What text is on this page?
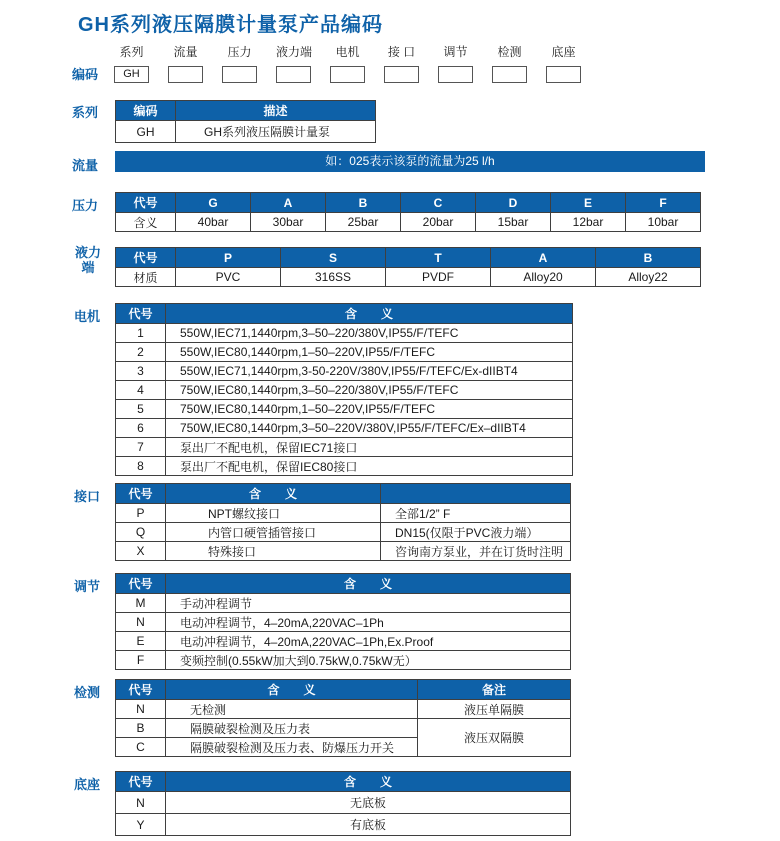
GH系列液压隔膜计量泵产品编码
编码
系列
GH
流量	压力	液力端	电机	接 口	调节	检测	底座
系列	编码	描述
GH	GH系列液压隔膜计量泵
流量	如：025表示该泵的流量为25 l/h
压力	代号	G	A	B	C	D	E	F
含义	40bar	30bar	25bar	20bar	15bar	12bar	10bar
液力
端
代号	P	S	T	A	B
材质	PVC	316SS	PVDF	Alloy20	Alloy22
电机 代号	含　　义
1	550W,IEC71,1440rpm,3–50–220/380V,IP55/F/TEFC
2	550W,IEC80,1440rpm,1–50–220V,IP55/F/TEFC
3	550W,IEC71,1440rpm,3-50-220V/380V,IP55/F/TEFC/Ex-dIIBT4
4	750W,IEC80,1440rpm,3–50–220/380V,IP55/F/TEFC
5	750W,IEC80,1440rpm,1–50–220V,IP55/F/TEFC
6	750W,IEC80,1440rpm,3–50–220V/380V,IP55/F/TEFC/Ex–dIIBT4
7	泵出厂不配电机，保留IEC71接口
8	泵出厂不配电机，保留IEC80接口
接口 代号	含　　义	
P	NPT螺纹接口	全部1/2” F
Q	内管口硬管插管接口	DN15(仅限于PVC液力端）
X	特殊接口	咨询南方泵业，并在订货时注明
调节 代号	含　　义
M	手动冲程调节
N	电动冲程调节，4–20mA,220VAC–1Ph
E	电动冲程调节，4–20mA,220VAC–1Ph,Ex.Proof
F	变频控制(0.55kW加大到0.75kW,0.75kW无）
检测 代号	含　　义	备注
N	无检测	液压单隔膜
B	隔膜破裂检测及压力表	液压双隔膜
C	隔膜破裂检测及压力表、防爆压力开关	
底座 代号	含　　义
N	无底板
Y	有底板
